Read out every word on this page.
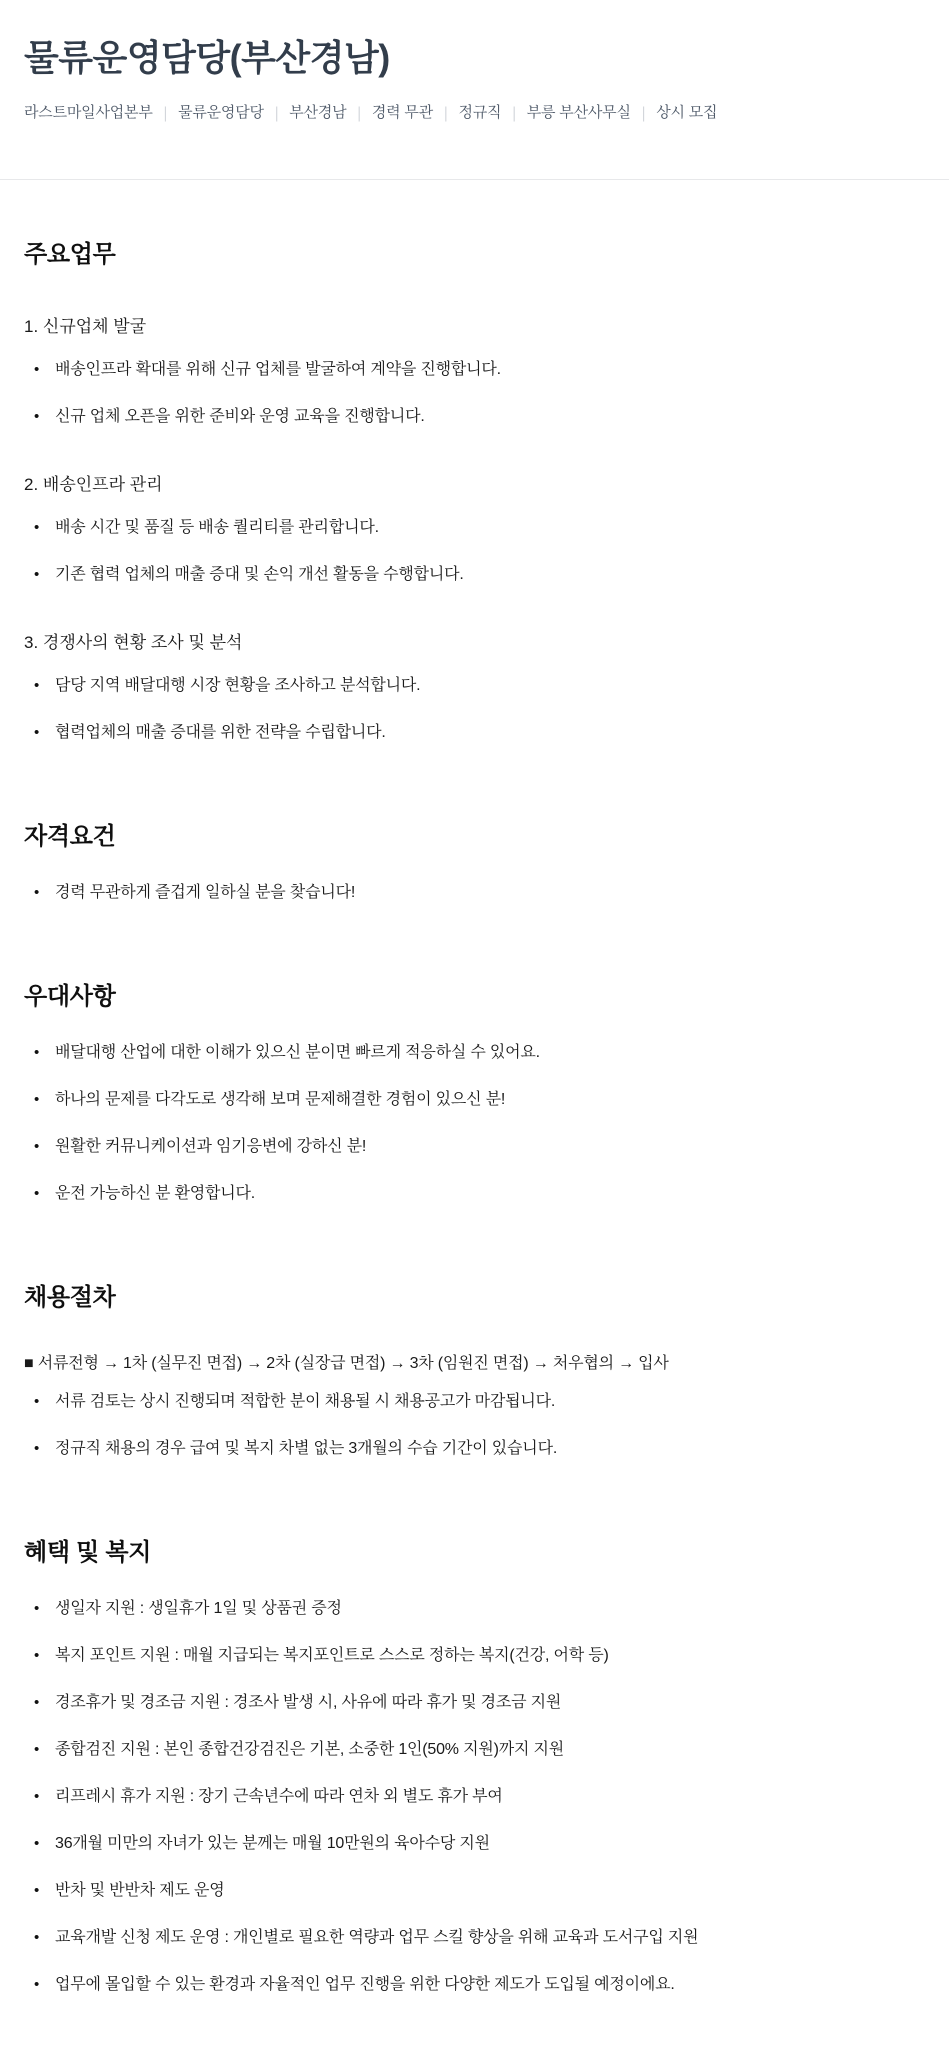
물류운영담당(부산경남)
라스트마일사업본부 | 물류운영담당 | 부산경남 | 경력 무관 | 정규직 | 부릉 부산사무실 | 상시 모집
주요업무

1. 신규업체 발굴

• 배송인프라 확대를 위해 신규 업체를 발굴하여 계약을 진행합니다.
• 신규 업체 오픈을 위한 준비와 운영 교육을 진행합니다.

2. 배송인프라 관리

• 배송 시간 및 품질 등 배송 퀄리티를 관리합니다.
• 기존 협력 업체의 매출 증대 및 손익 개선 활동을 수행합니다.

3. 경쟁사의 현황 조사 및 분석

• 담당 지역 배달대행 시장 현황을 조사하고 분석합니다.
• 협력업체의 매출 증대를 위한 전략을 수립합니다.
자격요건
• 경력 무관하게 즐겁게 일하실 분을 찾습니다!
우대사항
• 배달대행 산업에 대한 이해가 있으신 분이면 빠르게 적응하실 수 있어요.
• 하나의 문제를 다각도로 생각해 보며 문제해결한 경험이 있으신 분!
• 원활한 커뮤니케이션과 임기응변에 강하신 분!
• 운전 가능하신 분 환영합니다.
채용절차

■ 서류전형 → 1차 (실무진 면접) → 2차 (실장급 면접) → 3차 (임원진 면접) → 처우협의 → 입사

• 서류 검토는 상시 진행되며 적합한 분이 채용될 시 채용공고가 마감됩니다.
• 정규직 채용의 경우 급여 및 복지 차별 없는 3개월의 수습 기간이 있습니다.
혜택 및 복지
• 생일자 지원 : 생일휴가 1일 및 상품권 증정
• 복지 포인트 지원 : 매월 지급되는 복지포인트로 스스로 정하는 복지(건강, 어학 등)
• 경조휴가 및 경조금 지원 : 경조사 발생 시, 사유에 따라 휴가 및 경조금 지원
• 종합검진 지원 : 본인 종합건강검진은 기본, 소중한 1인(50% 지원)까지 지원
• 리프레시 휴가 지원 : 장기 근속년수에 따라 연차 외 별도 휴가 부여
• 36개월 미만의 자녀가 있는 분께는 매월 10만원의 육아수당 지원
• 반차 및 반반차 제도 운영
• 교육개발 신청 제도 운영 : 개인별로 필요한 역량과 업무 스킬 향상을 위해 교육과 도서구입 지원
• 업무에 몰입할 수 있는 환경과 자율적인 업무 진행을 위한 다양한 제도가 도입될 예정이에요.
